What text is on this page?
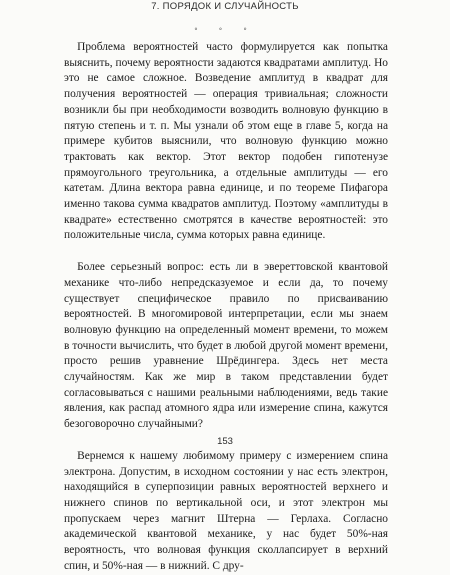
7. ПОРЯДОК И СЛУЧАЙНОСТЬ
∘ ∘ ∘

Проблема вероятностей часто формулируется как попытка выяснить, почему вероятности задаются квадратами амплитуд. Но это не самое сложное. Возведение амплитуд в квадрат для получения вероятностей — операция тривиальная; сложности возникли бы при необходимости возводить волновую функцию в пятую степень и т. п. Мы узнали об этом еще в главе 5, когда на примере кубитов выяснили, что волновую функцию можно трактовать как вектор. Этот вектор подобен гипотенузе прямоугольного треугольника, а отдельные амплитуды — его катетам. Длина вектора равна единице, и по теореме Пифагора именно такова сумма квадратов амплитуд. Поэтому «амплитуды в квадрате» естественно смотрятся в качестве вероятностей: это положительные числа, сумма которых равна единице.

Более серьезный вопрос: есть ли в эвереттовской квантовой механике что-либо непредсказуемое и если да, то почему существует специфическое правило по присваиванию вероятностей. В многомировой интерпретации, если мы знаем волновую функцию на определенный момент времени, то можем в точности вычислить, что будет в любой другой момент времени, просто решив уравнение Шрёдингера. Здесь нет места случайностям. Как же мир в таком представлении будет согласовываться с нашими реальными наблюдениями, ведь такие явления, как распад атомного ядра или измерение спина, кажутся безоговорочно случайными?

Вернемся к нашему любимому примеру с измерением спина электрона. Допустим, в исходном состоянии у нас есть электрон, находящийся в суперпозиции равных вероятностей верхнего и нижнего спинов по вертикальной оси, и этот электрон мы пропускаем через магнит Штерна — Герлаха. Согласно академической квантовой механике, у нас будет 50%-ная вероятность, что волновая функция сколлапсирует в верхний спин, и 50%-ная — в нижний. С дру-

153
